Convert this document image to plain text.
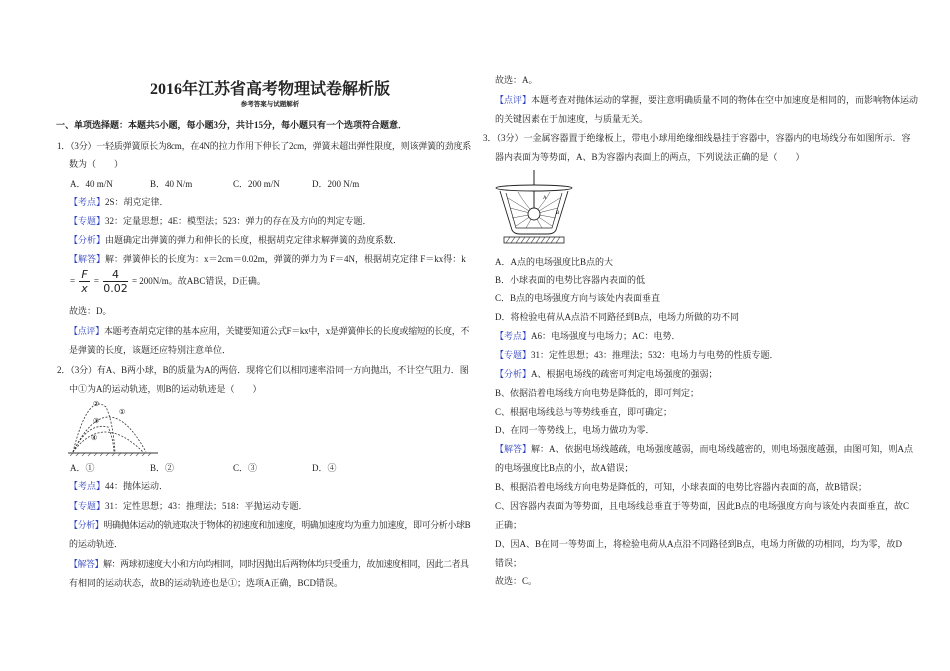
2016年江苏省高考物理试卷解析版
参考答案与试题解析
一、单项选择题：本题共5小题，每小题3分，共计15分，每小题只有一个选项符合题意．
1．（3分）一轻质弹簧原长为8cm，在4N的拉力作用下伸长了2cm，弹簧未超出弹性限度，则该弹簧的劲度系
数为（　　）
A．40 m/N	B．40 N/m	C．200 m/N	D．200 N/m
【考点】2S：胡克定律．
【专题】32：定量思想；4E：模型法；523：弹力的存在及方向的判定专题．
【分析】由题确定出弹簧的弹力和伸长的长度，根据胡克定律求解弹簧的劲度系数．
【解答】解：弹簧伸长的长度为：x＝2cm＝0.02m，弹簧的弹力为 F＝4N，根据胡克定律 F＝kx得：k
= $\frac{F}{x} = \frac{4}{0.02} = 200N/m$。故ABC错误，D正确。
故选：D。
【点评】本题考查胡克定律的基本应用，关键要知道公式F＝kx中，x是弹簧伸长的长度或缩短的长度，不
是弹簧的长度，该题还应特别注意单位．
2．（3分）有A、B两小球，B的质量为A的两倍．现将它们以相同速率沿同一方向抛出，不计空气阻力．图
中①为A的运动轨迹，则B的运动轨迹是（　　）
①
②
③
④
A．①	B．②	C．③	D．④
【考点】44：抛体运动．
【专题】31：定性思想；43：推理法；518：平抛运动专题．
【分析】明确抛体运动的轨迹取决于物体的初速度和加速度，明确加速度均为重力加速度，即可分析小球B
的运动轨迹．
【解答】解：两球初速度大小和方向均相同，同时因抛出后两物体均只受重力，故加速度相同，因此二者具
有相同的运动状态，故B的运动轨迹也是①；选项A正确，BCD错误。
故选：A。
【点评】本题考查对抛体运动的掌握，要注意明确质量不同的物体在空中加速度是相同的，而影响物体运动
的关键因素在于加速度，与质量无关。
3．（3分）一金属容器置于绝缘板上，带电小球用绝缘细线悬挂于容器中，容器内的电场线分布如图所示．容
器内表面为等势面，A、B为容器内表面上的两点，下列说法正确的是（　　）
A
B
A．A点的电场强度比B点的大
B．小球表面的电势比容器内表面的低
C．B点的电场强度方向与该处内表面垂直
D．将检验电荷从A点沿不同路径到B点，电场力所做的功不同
【考点】A6：电场强度与电场力；AC：电势．
【专题】31：定性思想；43：推理法；532：电场力与电势的性质专题．
【分析】A、根据电场线的疏密可判定电场强度的强弱；
B、依据沿着电场线方向电势是降低的，即可判定；
C、根据电场线总与等势线垂直，即可确定；
D、在同一等势线上，电场力做功为零．
【解答】解：A、依据电场线越疏，电场强度越弱，而电场线越密的，则电场强度越强，由图可知，则A点
的电场强度比B点的小，故A错误；
B、根据沿着电场线方向电势是降低的，可知，小球表面的电势比容器内表面的高，故B错误；
C、因容器内表面为等势面，且电场线总垂直于等势面，因此B点的电场强度方向与该处内表面垂直，故C
正确；
D、因A、B在同一等势面上，将检验电荷从A点沿不同路径到B点，电场力所做的功相同，均为零，故D
错误；
故选：C。
